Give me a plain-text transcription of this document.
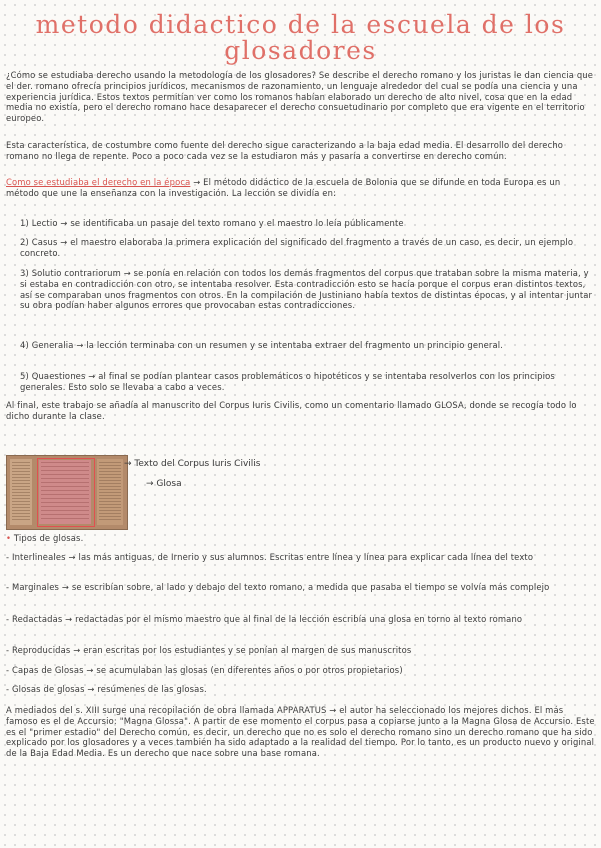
metodo didactico de la escuela de los
glosadores

¿Cómo se estudiaba derecho usando la metodología de los glosadores? Se describe el derecho romano y los juristas le dan ciencia que el der. romano ofrecía principios jurídicos, mecanismos de razonamiento, un lenguaje alrededor del cual se podía una ciencia y una experiencia jurídica. Estos textos permitían ver como los romanos habían elaborado un derecho de alto nivel, cosa que en la edad media no existía, pero el derecho romano hace desaparecer el derecho consuetudinario por completo que era vigente en el territorio europeo.

Esta característica, de costumbre como fuente del derecho sigue caracterizando a la baja edad media. El desarrollo del derecho romano no llega de repente. Poco a poco cada vez se la estudiaron más y pasaría a convertirse en derecho común.

Como se estudiaba el derecho en la época → El método didáctico de la escuela de Bolonia que se difunde en toda Europa es un método que une la enseñanza con la investigación. La lección se dividía en:

1) Lectio → se identificaba un pasaje del texto romano y el maestro lo leía públicamente

2) Casus → el maestro elaboraba la primera explicación del significado del fragmento a través de un caso, es decir, un ejemplo concreto.

3) Solutio contrariorum → se ponía en relación con todos los demás fragmentos del corpus que trataban sobre la misma materia, y si estaba en contradicción con otro, se intentaba resolver. Esta contradicción esto se hacía porque el corpus eran distintos textos, así se comparaban unos fragmentos con otros. En la compilación de Justiniano había textos de distintas épocas, y al intentar juntar su obra podían haber algunos errores que provocaban estas contradicciones.

4) Generalia → la lección terminaba con un resumen y se intentaba extraer del fragmento un principio general.

5) Quaestiones → al final se podían plantear casos problemáticos o hipotéticos y se intentaba resolverlos con los principios generales. Esto solo se llevaba a cabo a veces.

Al final, este trabajo se añadía al manuscrito del Corpus Iuris Civilis, como un comentario llamado GLOSA, donde se recogía todo lo dicho durante la clase.

→ Texto del Corpus Iuris Civilis
→ Glosa

• Tipos de glosas.

- Interlineales → las más antiguas, de Irnerio y sus alumnos. Escritas entre línea y línea para explicar cada línea del texto

- Marginales → se escribían sobre, al lado y debajo del texto romano, a medida que pasaba el tiempo se volvía más complejo

- Redactadas → redactadas por el mismo maestro que al final de la lección escribía una glosa en torno al texto romano

- Reproducidas → eran escritas por los estudiantes y se ponían al margen de sus manuscritos

- Capas de Glosas → se acumulaban las glosas (en diferentes años o por otros propietarios)

- Glosas de glosas → resúmenes de las glosas.

A mediados del s. XIII surge una recopilación de obra llamada APPARATUS → el autor ha seleccionado los mejores dichos. El más famoso es el de Accursio: "Magna Glossa". A partir de ese momento el corpus pasa a copiarse junto a la Magna Glosa de Accursio. Este es el "primer estadio" del Derecho común, es decir, un derecho que no es solo el derecho romano sino un derecho romano que ha sido explicado por los glosadores y a veces también ha sido adaptado a la realidad del tiempo. Por lo tanto, es un producto nuevo y original de la Baja Edad Media. Es un derecho que nace sobre una base romana.
